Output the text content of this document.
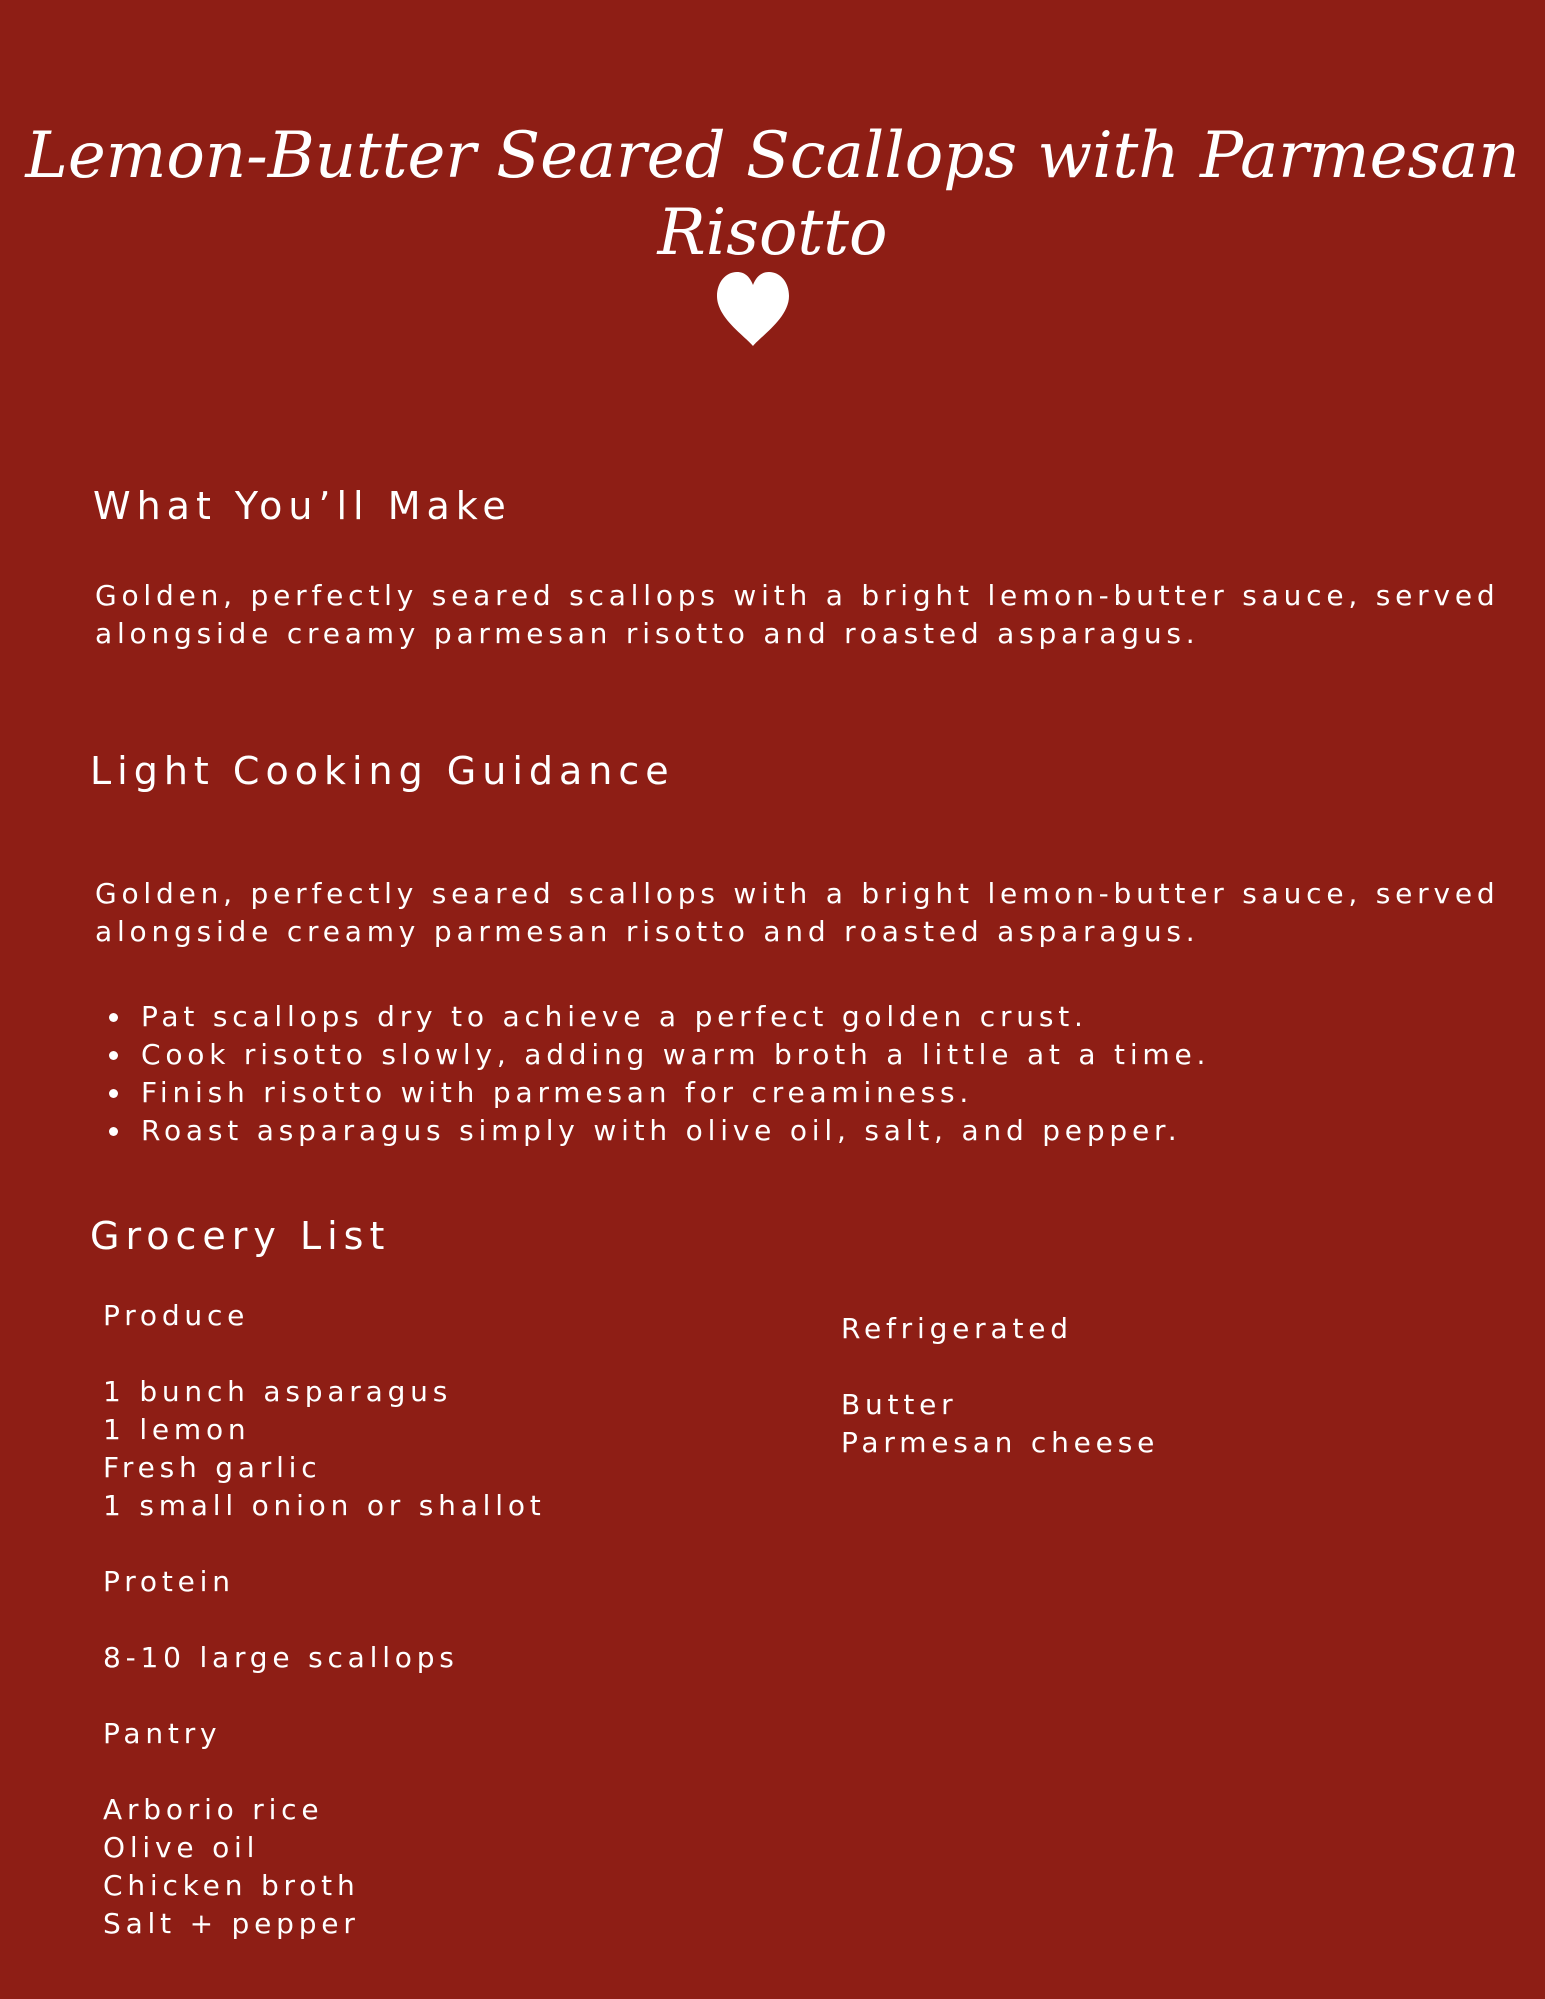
Lemon-Butter Seared Scallops with Parmesan Risotto
What You’ll Make

Golden, perfectly seared scallops with a bright lemon-butter sauce, served

alongside creamy parmesan risotto and roasted asparagus.

Light Cooking Guidance

Golden, perfectly seared scallops with a bright lemon-butter sauce, served

alongside creamy parmesan risotto and roasted asparagus.

Pat scallops dry to achieve a perfect golden crust.
Cook risotto slowly, adding warm broth a little at a time.
Finish risotto with parmesan for creaminess.
Roast asparagus simply with olive oil, salt, and pepper.
Grocery List

Produce

1 bunch asparagus
1 lemon
Fresh garlic
1 small onion or shallot

Protein

8-10 large scallops

Pantry

Arborio rice
Olive oil
Chicken broth
Salt + pepper

Refrigerated

Butter
Parmesan cheese
